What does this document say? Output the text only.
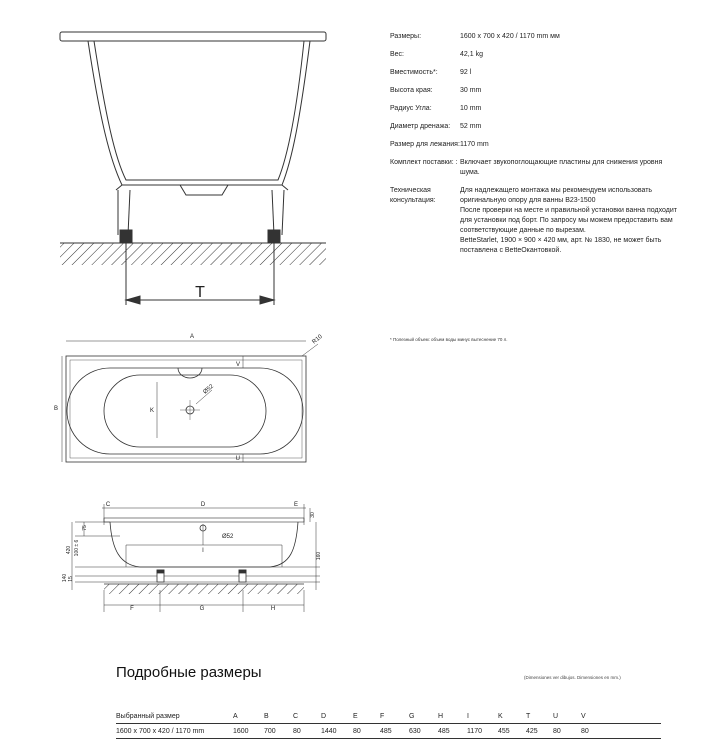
T
A
B	K
V
U
R10
Ø52
C	D	E
I
Ø52
F	G	H
420 100 ± 6
75
30
160
140 15
Размеры:	1600 x 700 x 420 / 1170 mm мм
Вес:	42,1 kg
Вместимость*:	92 l
Высота края:	30 mm
Радиус Угла:	10 mm
Диаметр дренажа:	52 mm
Размер для лежания: 1170 mm
Комплект поставки: : Включает звукопоглощающие пластины для снижения уровня шума.
Техническая консультация:
Для надлежащего монтажа мы рекомендуем использовать оригинальную опору для ванны B23-1500
После проверки на месте и правильной установки ванна подходит для установки под борт. По запросу мы можем предоставить вам соответствующие данные по вырезам.
BetteStarlet, 1900 × 900 × 420 мм, арт. № 1830, не может быть поставлена с BetteОкантовкой.
* Полезный объем: объем воды минус вытеснение 70 л.
Подробные размеры	(Dimensiones ver dibujos. Dimensiones en mm.)
Выбранный размер	A	B	C	D	E	F	G	H	I	K	T	U	V
1600 x 700 x 420 / 1170 mm	1600	700	80	1440	80	485	630	485	1170	455	425	80	80
